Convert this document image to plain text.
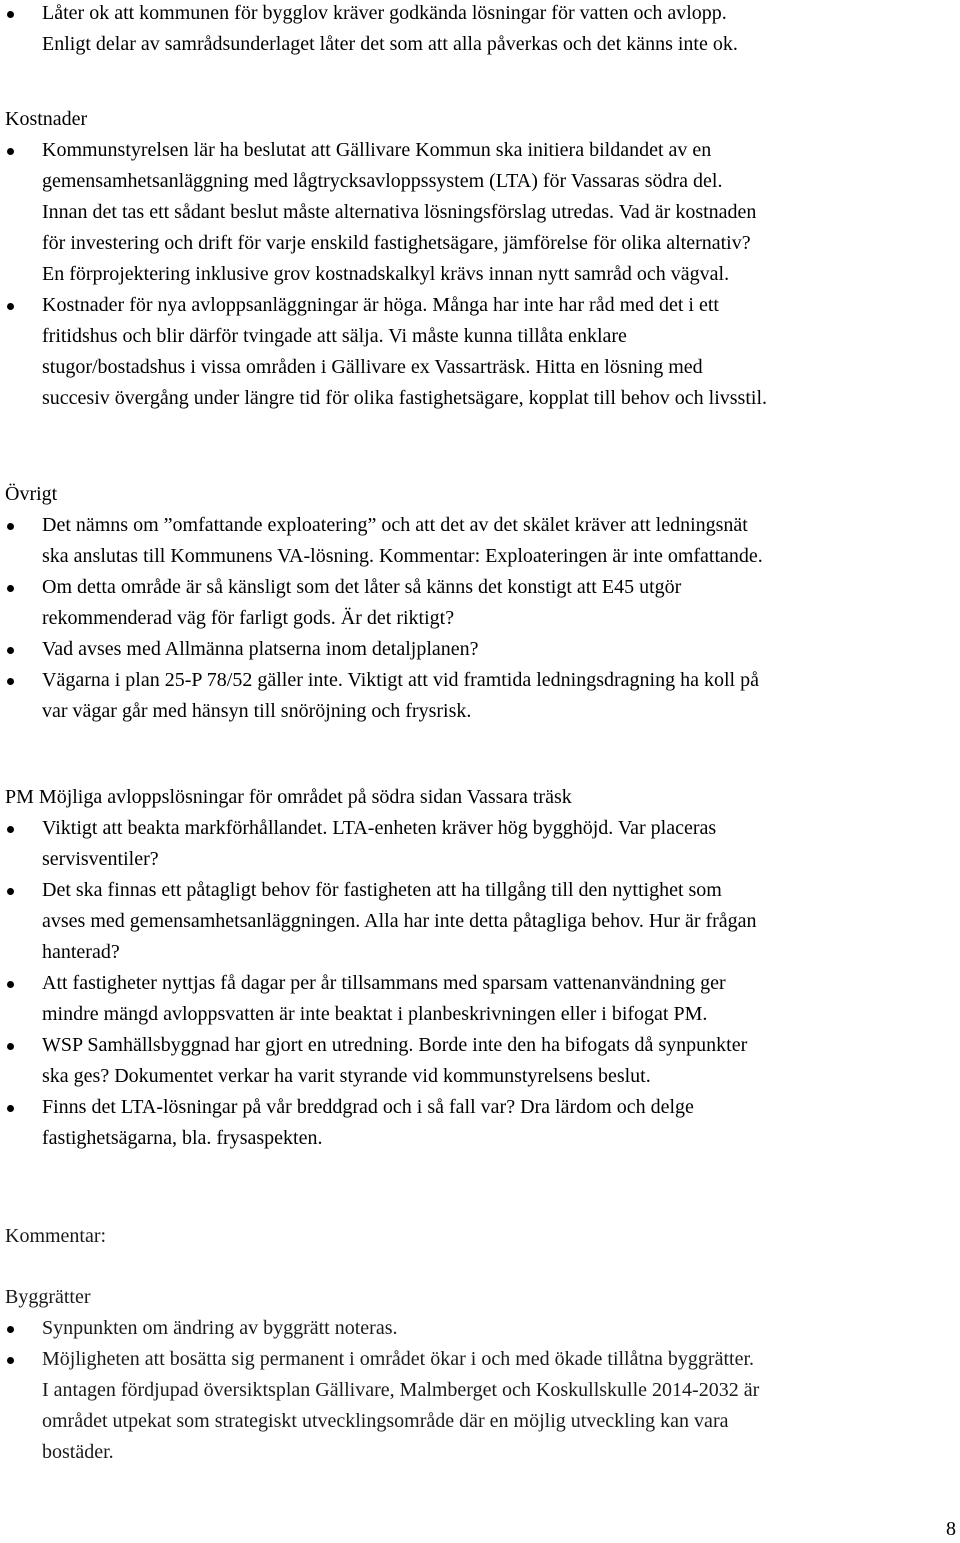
Låter ok att kommunen för bygglov kräver godkända lösningar för vatten och avlopp.
Enligt delar av samrådsunderlaget låter det som att alla påverkas och det känns inte ok.
Kostnader
Kommunstyrelsen lär ha beslutat att Gällivare Kommun ska initiera bildandet av en
gemensamhetsanläggning med lågtrycksavloppssystem (LTA) för Vassaras södra del.
Innan det tas ett sådant beslut måste alternativa lösningsförslag utredas. Vad är kostnaden
för investering och drift för varje enskild fastighetsägare, jämförelse för olika alternativ?
En förprojektering inklusive grov kostnadskalkyl krävs innan nytt samråd och vägval.
Kostnader för nya avloppsanläggningar är höga. Många har inte har råd med det i ett
fritidshus och blir därför tvingade att sälja. Vi måste kunna tillåta enklare
stugor/bostadshus i vissa områden i Gällivare ex Vassarträsk. Hitta en lösning med
succesiv övergång under längre tid för olika fastighetsägare, kopplat till behov och livsstil.
Övrigt
Det nämns om ”omfattande exploatering” och att det av det skälet kräver att ledningsnät
ska anslutas till Kommunens VA-lösning. Kommentar: Exploateringen är inte omfattande.
Om detta område är så känsligt som det låter så känns det konstigt att E45 utgör
rekommenderad väg för farligt gods. Är det riktigt?
Vad avses med Allmänna platserna inom detaljplanen?
Vägarna i plan 25-P 78/52 gäller inte. Viktigt att vid framtida ledningsdragning ha koll på
var vägar går med hänsyn till snöröjning och frysrisk.
PM Möjliga avloppslösningar för området på södra sidan Vassara träsk
Viktigt att beakta markförhållandet. LTA-enheten kräver hög bygghöjd. Var placeras
servisventiler?
Det ska finnas ett påtagligt behov för fastigheten att ha tillgång till den nyttighet som
avses med gemensamhetsanläggningen. Alla har inte detta påtagliga behov. Hur är frågan
hanterad?
Att fastigheter nyttjas få dagar per år tillsammans med sparsam vattenanvändning ger
mindre mängd avloppsvatten är inte beaktat i planbeskrivningen eller i bifogat PM.
WSP Samhällsbyggnad har gjort en utredning. Borde inte den ha bifogats då synpunkter
ska ges? Dokumentet verkar ha varit styrande vid kommunstyrelsens beslut.
Finns det LTA-lösningar på vår breddgrad och i så fall var? Dra lärdom och delge
fastighetsägarna, bla. frysaspekten.
Kommentar:
Byggrätter
Synpunkten om ändring av byggrätt noteras.
Möjligheten att bosätta sig permanent i området ökar i och med ökade tillåtna byggrätter.
I antagen fördjupad översiktsplan Gällivare, Malmberget och Koskullskulle 2014-2032 är
området utpekat som strategiskt utvecklingsområde där en möjlig utveckling kan vara
bostäder.
8
